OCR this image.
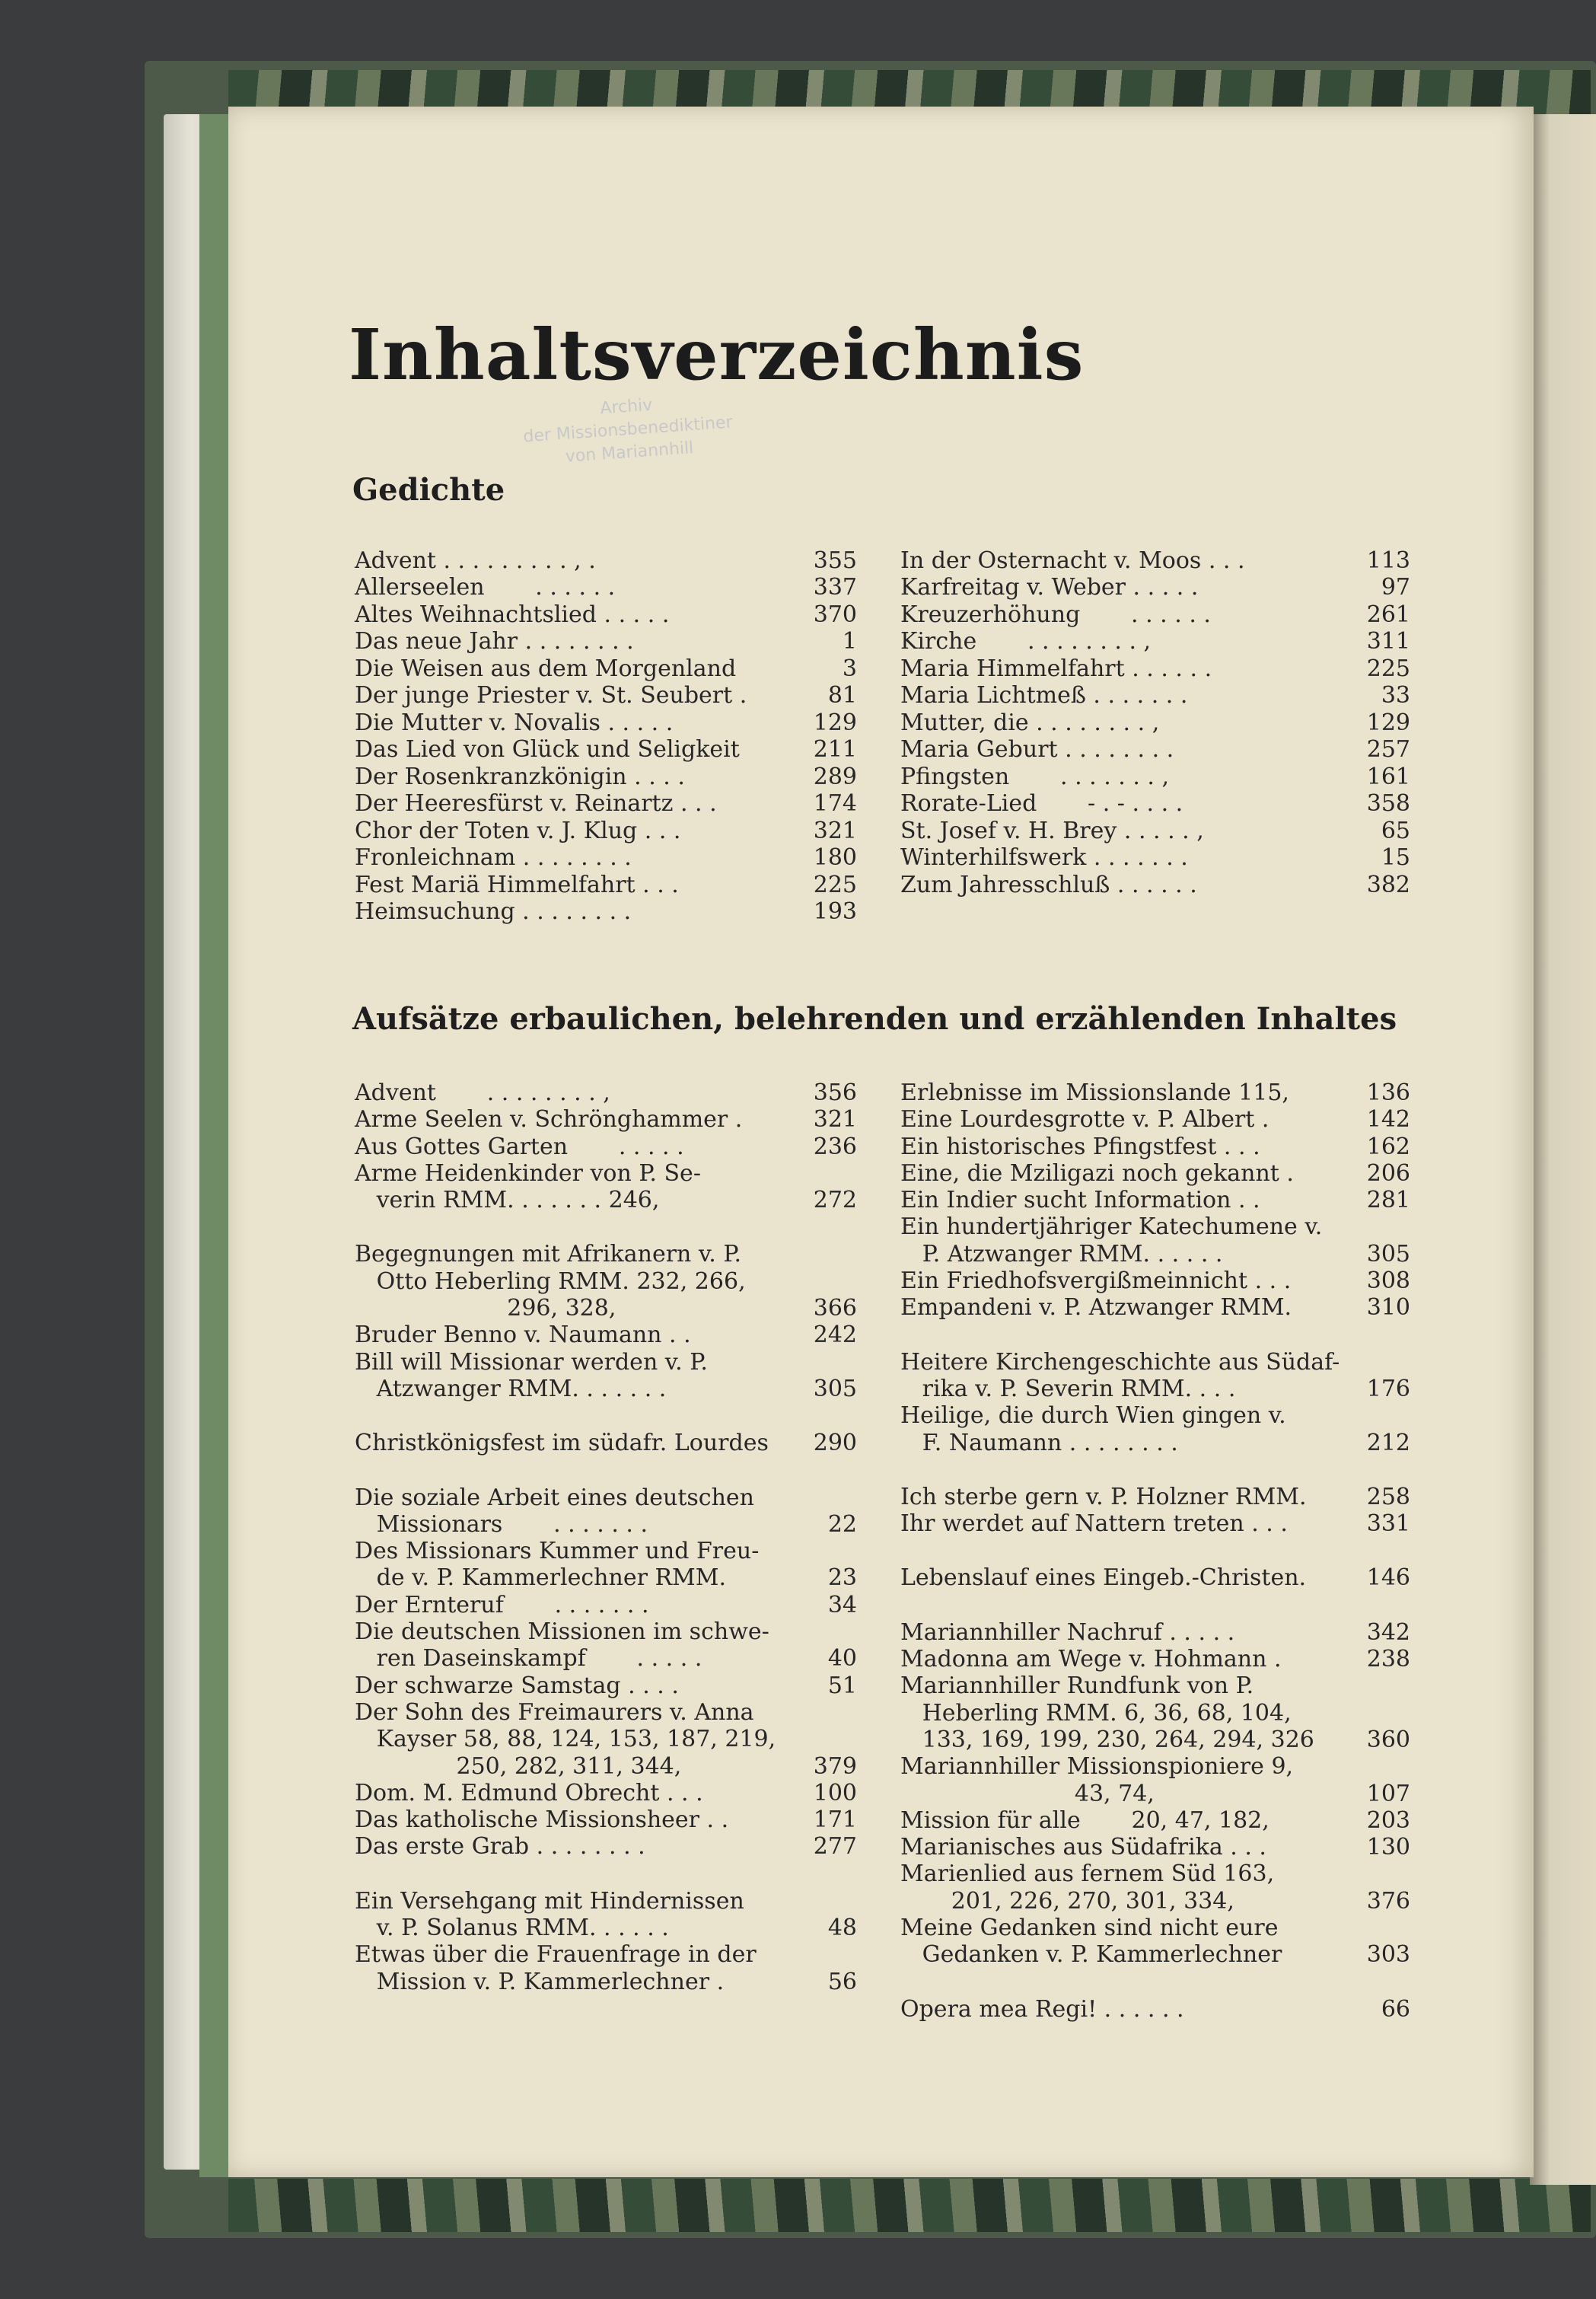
Archiv
der Missionsbenediktiner
von Mariannhill
Inhaltsverzeichnis
Gedichte
Aufsätze erbaulichen, belehrenden und erzählenden Inhaltes
Advent . . . . . . . . . , .	355
Allerseelen       . . . . . .	337
Altes Weihnachtslied . . . . .	370
Das neue Jahr . . . . . . . .	1
Die Weisen aus dem Morgenland	3
Der junge Priester v. St. Seubert .	81
Die Mutter v. Novalis . . . . .	129
Das Lied von Glück und Seligkeit	211
Der Rosenkranzkönigin . . . .	289
Der Heeresfürst v. Reinartz . . .	174
Chor der Toten v. J. Klug . . .	321
Fronleichnam . . . . . . . .	180
Fest Mariä Himmelfahrt . . .	225
Heimsuchung . . . . . . . .	193
In der Osternacht v. Moos . . .	113
Karfreitag v. Weber . . . . .	97
Kreuzerhöhung       . . . . . .	261
Kirche       . . . . . . . . ,	311
Maria Himmelfahrt . . . . . .	225
Maria Lichtmeß . . . . . . .	33
Mutter, die . . . . . . . . ,	129
Maria Geburt . . . . . . . .	257
Pfingsten       . . . . . . . ,	161
Rorate-Lied       - . - . . . .	358
St. Josef v. H. Brey . . . . . ,	65
Winterhilfswerk . . . . . . .	15
Zum Jahresschluß . . . . . .	382
Advent       . . . . . . . . ,	356
Arme Seelen v. Schrönghammer .	321
Aus Gottes Garten       . . . . .	236
Arme Heidenkinder von P. Se-
verin RMM. . . . . . . 246,	272
Begegnungen mit Afrikanern v. P.
Otto Heberling RMM. 232, 266,
296, 328,	366
Bruder Benno v. Naumann . .	242
Bill will Missionar werden v. P.
Atzwanger RMM. . . . . . .	305
Christkönigsfest im südafr. Lourdes	290
Die soziale Arbeit eines deutschen
Missionars       . . . . . . .	22
Des Missionars Kummer und Freu-
de v. P. Kammerlechner RMM.	23
Der Ernteruf       . . . . . . .	34
Die deutschen Missionen im schwe-
ren Daseinskampf       . . . . .	40
Der schwarze Samstag . . . .	51
Der Sohn des Freimaurers v. Anna
Kayser 58, 88, 124, 153, 187, 219,
250, 282, 311, 344,	379
Dom. M. Edmund Obrecht . . .	100
Das katholische Missionsheer . .	171
Das erste Grab . . . . . . . .	277
Ein Versehgang mit Hindernissen
v. P. Solanus RMM. . . . . .	48
Etwas über die Frauenfrage in der
Mission v. P. Kammerlechner .	56
Erlebnisse im Missionslande 115,	136
Eine Lourdesgrotte v. P. Albert .	142
Ein historisches Pfingstfest . . .	162
Eine, die Mziligazi noch gekannt .	206
Ein Indier sucht Information . .	281
Ein hundertjähriger Katechumene v.
P. Atzwanger RMM. . . . . .	305
Ein Friedhofsvergißmeinnicht . . .	308
Empandeni v. P. Atzwanger RMM.	310
Heitere Kirchengeschichte aus Südaf-
rika v. P. Severin RMM. . . .	176
Heilige, die durch Wien gingen v.
F. Naumann . . . . . . . .	212
Ich sterbe gern v. P. Holzner RMM.	258
Ihr werdet auf Nattern treten . . .	331
Lebenslauf eines Eingeb.-Christen.	146
Mariannhiller Nachruf . . . . .	342
Madonna am Wege v. Hohmann .	238
Mariannhiller Rundfunk von P.
Heberling RMM. 6, 36, 68, 104,
133, 169, 199, 230, 264, 294, 326	360
Mariannhiller Missionspioniere 9,
43, 74,	107
Mission für alle       20, 47, 182,	203
Marianisches aus Südafrika . . .	130
Marienlied aus fernem Süd 163,
201, 226, 270, 301, 334,	376
Meine Gedanken sind nicht eure
Gedanken v. P. Kammerlechner	303
Opera mea Regi! . . . . . .	66
